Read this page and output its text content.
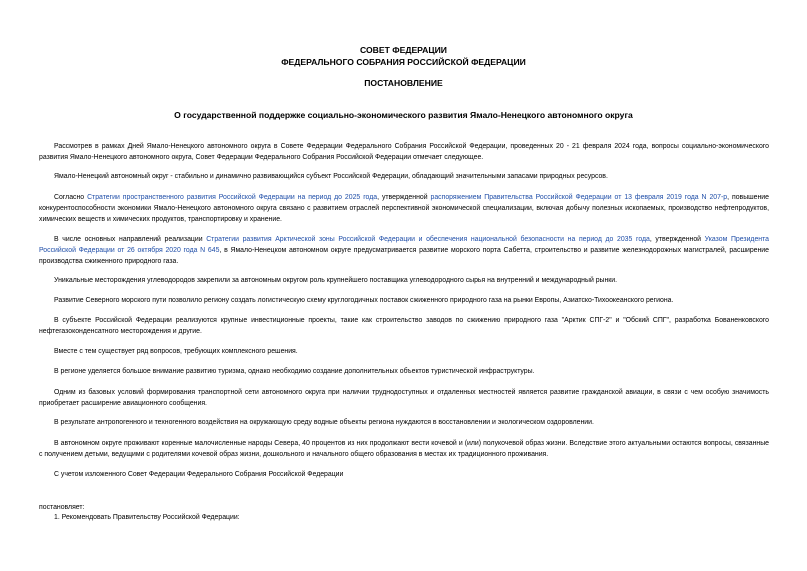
СОВЕТ ФЕДЕРАЦИИ
ФЕДЕРАЛЬНОГО СОБРАНИЯ РОССИЙСКОЙ ФЕДЕРАЦИИ
ПОСТАНОВЛЕНИЕ
О государственной поддержке социально-экономического развития Ямало-Ненецкого автономного округа
Рассмотрев в рамках Дней Ямало-Ненецкого автономного округа в Совете Федерации Федерального Собрания Российской Федерации, проведенных 20 - 21 февраля 2024 года, вопросы социально-экономического развития Ямало-Ненецкого автономного округа, Совет Федерации Федерального Собрания Российской Федерации отмечает следующее.
Ямало-Ненецкий автономный округ - стабильно и динамично развивающийся субъект Российской Федерации, обладающий значительными запасами природных ресурсов.
Согласно Стратегии пространственного развития Российской Федерации на период до 2025 года, утвержденной распоряжением Правительства Российской Федерации от 13 февраля 2019 года N 207-р, повышение конкурентоспособности экономики Ямало-Ненецкого автономного округа связано с развитием отраслей перспективной экономической специализации, включая добычу полезных ископаемых, производство нефтепродуктов, химических веществ и химических продуктов, транспортировку и хранение.
В числе основных направлений реализации Стратегии развития Арктической зоны Российской Федерации и обеспечения национальной безопасности на период до 2035 года, утвержденной Указом Президента Российской Федерации от 26 октября 2020 года N 645, в Ямало-Ненецком автономном округе предусматривается развитие морского порта Сабетта, строительство и развитие железнодорожных магистралей, расширение производства сжиженного природного газа.
Уникальные месторождения углеводородов закрепили за автономным округом роль крупнейшего поставщика углеводородного сырья на внутренний и международный рынки.
Развитие Северного морского пути позволило региону создать логистическую схему круглогодичных поставок сжиженного природного газа на рынки Европы, Азиатско-Тихоокеанского региона.
В субъекте Российской Федерации реализуются крупные инвестиционные проекты, такие как строительство заводов по сжижению природного газа "Арктик СПГ-2" и "Обский СПГ", разработка Бованенковского нефтегазоконденсатного месторождения и другие.
Вместе с тем существует ряд вопросов, требующих комплексного решения.
В регионе уделяется большое внимание развитию туризма, однако необходимо создание дополнительных объектов туристической инфраструктуры.
Одним из базовых условий формирования транспортной сети автономного округа при наличии труднодоступных и отдаленных местностей является развитие гражданской авиации, в связи с чем особую значимость приобретает расширение авиационного сообщения.
В результате антропогенного и техногенного воздействия на окружающую среду водные объекты региона нуждаются в восстановлении и экологическом оздоровлении.
В автономном округе проживают коренные малочисленные народы Севера, 40 процентов из них продолжают вести кочевой и (или) полукочевой образ жизни. Вследствие этого актуальными остаются вопросы, связанные с получением детьми, ведущими с родителями кочевой образ жизни, дошкольного и начального общего образования в местах их традиционного проживания.
С учетом изложенного Совет Федерации Федерального Собрания Российской Федерации
постановляет:
1. Рекомендовать Правительству Российской Федерации:
